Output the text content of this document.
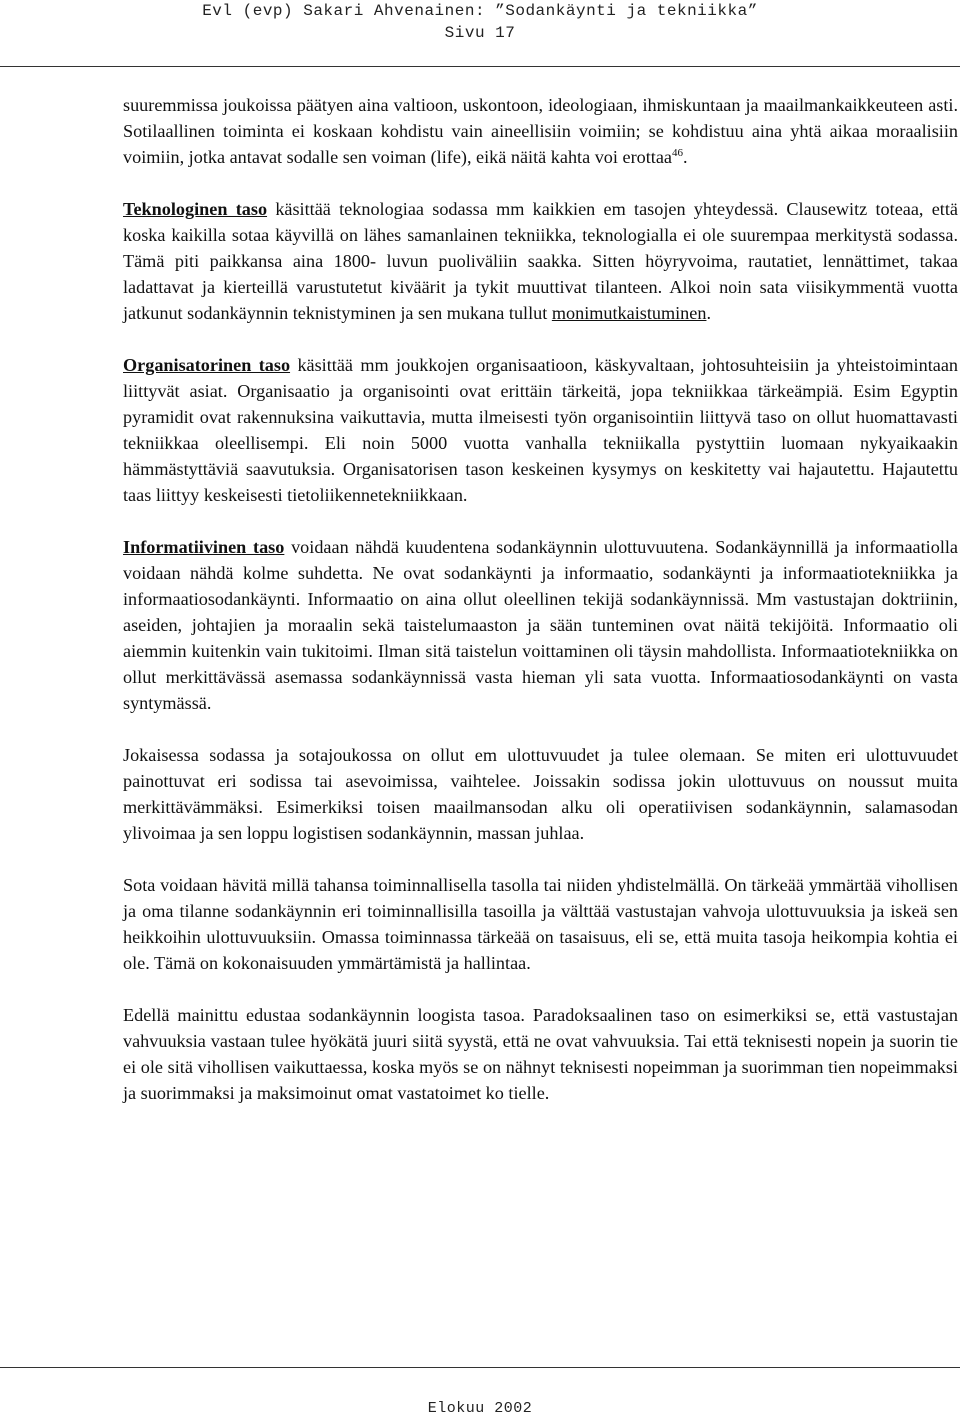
Evl (evp) Sakari Ahvenainen: ”Sodankäynti ja tekniikka”
Sivu 17

suuremmissa joukoissa päätyen aina valtioon, uskontoon, ideologiaan, ihmiskuntaan ja maailmankaikkeuteen asti. Sotilaallinen toiminta ei koskaan kohdistu vain aineellisiin voimiin; se kohdistuu aina yhtä aikaa moraalisiin voimiin, jotka antavat sodalle sen voiman (life), eikä näitä kahta voi erottaa$^{46}$.

Teknologinen taso käsittää teknologiaa sodassa mm kaikkien em tasojen yhteydessä. Clausewitz toteaa, että koska kaikilla sotaa käyvillä on lähes samanlainen tekniikka, teknologialla ei ole suurempaa merkitystä sodassa. Tämä piti paikkansa aina 1800- luvun puoliväliin saakka. Sitten höyryvoima, rautatiet, lennättimet, takaa ladattavat ja kierteillä varustutetut kiväärit ja tykit muuttivat tilanteen. Alkoi noin sata viisikymmentä vuotta jatkunut sodankäynnin teknistyminen ja sen mukana tullut monimutkaistuminen.

Organisatorinen taso käsittää mm joukkojen organisaatioon, käskyvaltaan, johtosuhteisiin ja yhteistoimintaan liittyvät asiat. Organisaatio ja organisointi ovat erittäin tärkeitä, jopa tekniikkaa tärkeämpiä. Esim Egyptin pyramidit ovat rakennuksina vaikuttavia, mutta ilmeisesti työn organisointiin liittyvä taso on ollut huomattavasti tekniikkaa oleellisempi. Eli noin 5000 vuotta vanhalla tekniikalla pystyttiin luomaan nykyaikaakin hämmästyttäviä saavutuksia. Organisatorisen tason keskeinen kysymys on keskitetty vai hajautettu. Hajautettu taas liittyy keskeisesti tietoliikennetekniikkaan.

Informatiivinen taso voidaan nähdä kuudentena sodankäynnin ulottuvuutena. Sodankäynnillä ja informaatiolla voidaan nähdä kolme suhdetta. Ne ovat sodankäynti ja informaatio, sodankäynti ja informaatiotekniikka ja informaatiosodankäynti. Informaatio on aina ollut oleellinen tekijä sodankäynnissä. Mm vastustajan doktriinin, aseiden, johtajien ja moraalin sekä taistelumaaston ja sään tunteminen ovat näitä tekijöitä. Informaatio oli aiemmin kuitenkin vain tukitoimi. Ilman sitä taistelun voittaminen oli täysin mahdollista. Informaatiotekniikka on ollut merkittävässä asemassa sodankäynnissä vasta hieman yli sata vuotta. Informaatiosodankäynti on vasta syntymässä.

Jokaisessa sodassa ja sotajoukossa on ollut em ulottuvuudet ja tulee olemaan. Se miten eri ulottuvuudet painottuvat eri sodissa tai asevoimissa, vaihtelee. Joissakin sodissa jokin ulottuvuus on noussut muita merkittävämmäksi. Esimerkiksi toisen maailmansodan alku oli operatiivisen sodankäynnin, salamasodan ylivoimaa ja sen loppu logistisen sodankäynnin, massan juhlaa.

Sota voidaan hävitä millä tahansa toiminnallisella tasolla tai niiden yhdistelmällä. On tärkeää ymmärtää vihollisen ja oma tilanne sodankäynnin eri toiminnallisilla tasoilla ja välttää vastustajan vahvoja ulottuvuuksia ja iskeä sen heikkoihin ulottuvuuksiin. Omassa toiminnassa tärkeää on tasaisuus, eli se, että muita tasoja heikompia kohtia ei ole. Tämä on kokonaisuuden ymmärtämistä ja hallintaa.

Edellä mainittu edustaa sodankäynnin loogista tasoa. Paradoksaalinen taso on esimerkiksi se, että vastustajan vahvuuksia vastaan tulee hyökätä juuri siitä syystä, että ne ovat vahvuuksia. Tai että teknisesti nopein ja suorin tie ei ole sitä vihollisen vaikuttaessa, koska myös se on nähnyt teknisesti nopeimman ja suorimman tien nopeimmaksi ja suorimmaksi ja maksimoinut omat vastatoimet ko tielle.

Elokuu 2002
